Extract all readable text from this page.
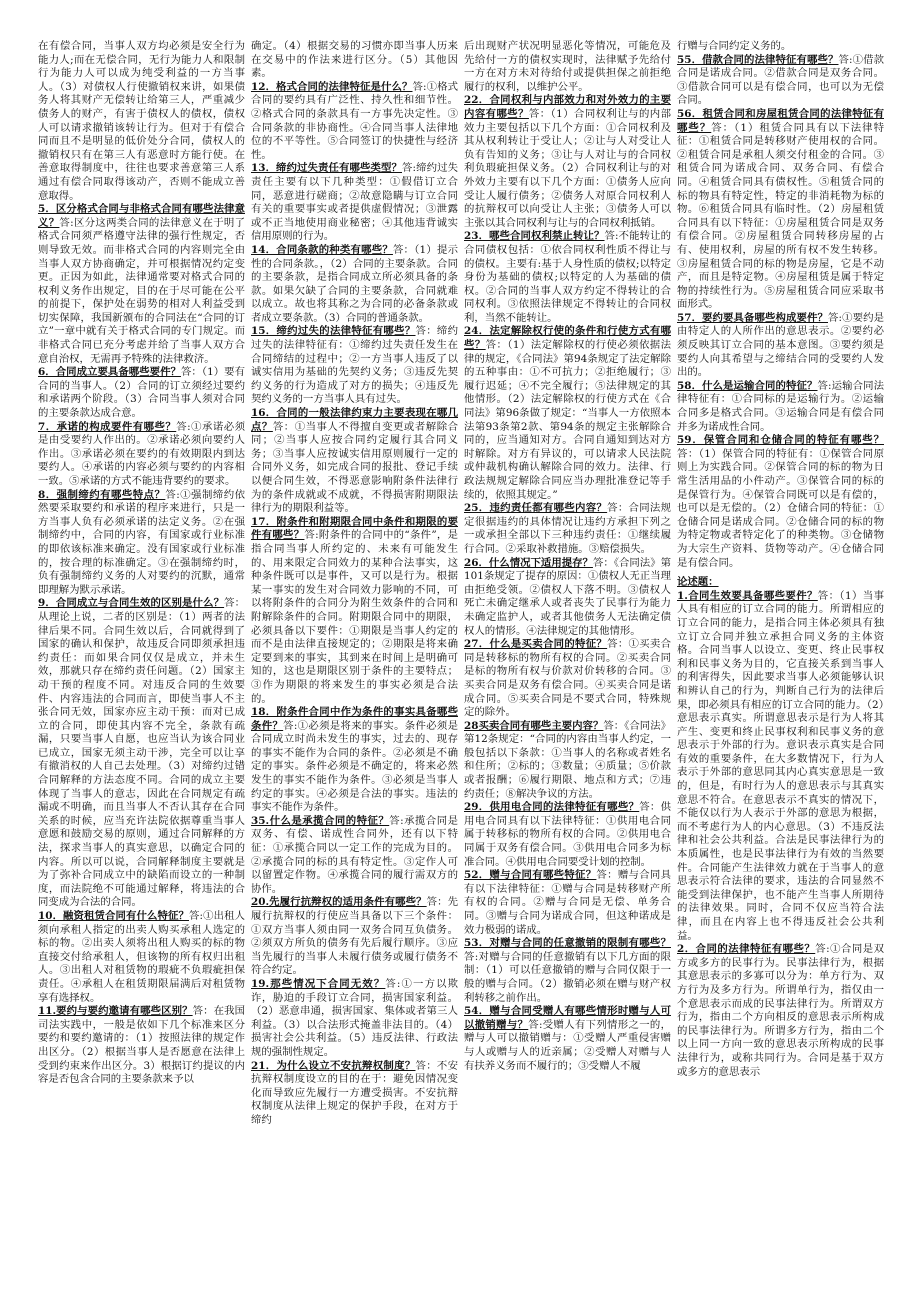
在有偿合同，当事人双方均必须是安全行为能力人;而在无偿合同，无行为能力人和限制行为能力人可以成为纯受利益的一方当事人。（3）对债权人行使撤销权来讲，如果债务人将其财产无偿转让给第三人，严重减少债务人的财产，有害于债权人的债权，债权人可以请求撤销该转让行为。但对于有偿合同而且不是明显的低价处分合同，债权人的撤销权只有在第三人有恶意时方能行使。在善意取得制度中，往往也要求善意第三人系通过有偿合同取得该动产，否则不能成立善意取得。

5．区分格式合同与非格式合同有哪些法律意义？答:区分这两类合同的法律意义在于明了格式合同须严格遵守法律的强行性规定，否则导致无效。而非格式合同的内容则完全由当事人双方协商确定，并可根据情况约定变更。正因为如此，法律通常要对格式合同的权利义务作出规定，目的在于尽可能在公平的前提下，保护处在弱势的相对人利益受到切实保障，我国新颁布的合同法在“合同的订立”一章中就有关于格式合同的专门规定。而非格式合同已充分考虑并给了当事人双方合意自治权，无需再予特殊的法律救济。

6．合同成立要具备哪些要件？答：（1）要有合同的当事人。（2）合同的订立须经过要约和承诺两个阶段。（3）合同当事人须对合同的主要条款达成合意。

7．承诺的构成要件有哪些？答:①承诺必须是由受要约人作出的。②承诺必须向要约人作出。③承诺必须在要约的有效期限内到达要约人。④承诺的内容必须与要约的内容相一致。⑤承诺的方式不能违背要约的要求。

8．强制缔约有哪些特点？答:①强制缔约依然要采取要约和承诺的程序来进行，只是一方当事人负有必须承诺的法定义务。②在强制缔约中，合同的内容，有国家或行业标准的即依该标准来确定。没有国家或行业标准的，按合理的标准确定。③在强制缔约时，负有强制缔约义务的人对要约的沉默，通常即理解为默示承诺。

9．合同成立与合同生效的区别是什么？答：从理论上说，二者的区别是：（1）两者的法律后果不同。合同生效以后，合同就得到了国家的确认和保护，故违反合同即须承担违约责任：而如果合同仅仅是成立，并未生效，那就只存在缔约责任问题。（2）国家主动干预的程度不同。对违反合同的生效要件、内容违法的合同而言，即使当事人不主张合同无效，国家亦应主动干预：而对已成立的合同，即使其内容不完全，条款有疏漏，只要当事人自愿，也应当认为该合同业已成立，国家无须主动干涉，完全可以让享有撤消权的人自己去处理。（3）对缔约过错合同解释的方法态度不同。合同的成立主要体现了当事人的意志，因此在合同规定有疏漏或不明确，而且当事人不否认其存在合同关系的时候，应当充许法院依据尊重当事人意愿和鼓励交易的原则，通过合同解释的方法，探求当事人的真实意思，以确定合同的内容。所以可以说，合同解释制度主要就是为了弥补合同成立中的缺陷而设立的一种制度，而法院绝不可能通过解释，将违法的合同变成为合法的合同。

10．融资租赁合同有什么特征？答:①出租人须向承租人指定的出卖人购买承租人选定的标的物。②出卖人须将出租人购买的标的物直接交付给承租人，但该物的所有权归出租人。③出租人对租赁物的瑕疵不负瑕疵担保责任。④承租人在租赁期限届满后对租赁物享有选择权。

11.要约与要约邀请有哪些区别？答：在我国司法实践中，一般是依如下几个标准来区分要约和要约邀请的：（1）按照法律的规定作出区分。（2）根据当事人是否愿意在法律上受到约束来作出区分。3）根据订约提议的内容是否包含合同的主要条款来予以

确定。（4）根据交易的习惯亦即当事人历来在交易中的作法来进行区分。（5）其他因素。

12．格式合同的法律特征是什么？答:①格式合同的要约具有广泛性、持久性和细节性。②格式合同的条款具有一方事先决定性。③合同条款的非协商性。④合同当事人法律地位的不平等性。⑤合同签订的快捷性与经济性。

13．缔约过失责任有哪些类型？答:缔约过失责任主要有以下几种类型：①假借订立合同，恶意进行磋商；②故意隐瞒与订立合同有关的重要事实或者提供虚假情况；③泄露或不正当地使用商业秘密；④其他违背诚实信用原则的行为。

14．合同条款的种类有哪些？答：（1）提示性的合同条款。，（2）合同的主要条款。合同的主要条款，是指合同成立所必须具备的条款。如果欠缺了合同的主要条款，合同就难以成立。故也将其称之为合同的必备条款或者成立要条款。（3）合同的普通条款。

15．缔约过失的法律特征有哪些？答：缔约过失的法律特征有：①缔约过失责任发生在合同缔结的过程中；②一方当事人违反了以诚实信用为基础的先契约义务；③违反先契约义务的行为造成了对方的损失；④违反先契约义务的一方当事人具有过失。

16．合同的一般法律约束力主要表现在哪几点？答：①当事人不得擅自变更或者解除合同；②当事人应按合同约定履行其合同义务；③当事人应按诚实信用原则履行一定的合同外义务，如完成合同的报批、登记手续以便合同生效，不得恶意影响附条件法律行为的条件成就或不成就，不得损害附期限法律行为的期限利益等。

17．附条件和附期限合同中条件和期限的要件有哪些？答:附条件的合同中的“条件”，是指合同当事人所约定的、未来有可能发生的、用来限定合同效力的某种合法事实，这种条件既可以是事件，又可以是行为。根据某一事实的发生对合同效力影响的不同，可以将附条件的合同分为附生效条件的合同和附解除条件的合同。附期限合同中的期限，必须具备以下要件：①期限是当事人约定的而不是由法律直接规定的；②期限是将来确定要到来的事实，其到来在时间上是明确可知的，这也是期限区别于条件的主要特点；③作为期限的将来发生的事实必须是合法的。

18．附条件合同中作为条件的事实具备哪些条件？答:①必须是将来的事实。条件必须是合同成立时尚未发生的事实，过去的、现存的事实不能作为合同的条件。②必须是不确定的事实。条件必须是不确定的，将来必然发生的事实不能作为条件。③必须是当事人约定的事实。④必须是合法的事实。违法的事实不能作为条件。

35.什么是承揽合同的特征？答:承揽合同是双务、有偿、诺成性合同外，还有以下特征：①承揽合同以一定工作的完成为目的。②承揽合同的标的具有特定性。③定作人可以留置定作物。④承揽合同的履行需双方的协作。

20.先履行抗辩权的适用条件有哪些？答：先履行抗辩权的行使应当具备以下三个条件：①双方当事人须由同一双务合同互负债务。②须双方所负的债务有先后履行顺序。③应当先履行的当事人未履行债务或履行债务不符合约定。

19.那些情况下合同无效？答:①一方以欺诈，胁迫的手段订立合同，损害国家利益。（2）恶意串通，损害国家、集体或者第三人利益。（3）以合法形式掩盖非法目的。（4）损害社会公共利益。（5）违反法律、行政法规的强制性规定。

21．为什么设立不安抗辩权制度？答：不安抗辩权制度设立的目的在于：避免因情况变化而导致应先履行一方遭受损害。不安抗辩权制度从法律上规定的保护手段，在对方于缔约

后出现财产状况明显恶化等情况，可能危及先给付一方的债权实现时，法律赋予先给付一方在对方未对待给付或提供担保之前拒绝履行的权利，以维护公平。

22．合同权利与内部效力和对外效力的主要内容有哪些？答：（1）合同权利让与的内部效力主要包括以下几个方面：①合同权利及其从权利转让于受让人；②让与人对受让人负有告知的义务；③让与人对让与的合同权利负瑕疵担保义务。（2）合同权利让与的对外效力主要有以下几个方面：①债务人应向受让人履行债务；②债务人对原合同权利人的抗辩权可以向受让人主张；③债务人可以主张以其合同权利与让与的合同权利抵销。

23．哪些合同权利禁止转让？答:不能转让的合同债权包括：①依合同权利性质不得让与的债权。主要有:基于人身性质的债权;以特定身份为基础的债权;以特定的人为基础的债权。②合同的当事人双方约定不得转让的合同权利。③依照法律规定不得转让的合同权利，当然不能转让。

24．法定解除权行使的条件和行使方式有哪些？答：（1）法定解除权的行使必须依据法律的规定，《合同法》第94条规定了法定解除的五种事由：①不可抗力；②拒绝履行；③履行迟延；④不完全履行；⑤法律规定的其他情形。（2）法定解除权的行使方式在《合同法》第96条做了规定：“当事人一方依照本法第93条第2款、第94条的规定主张解除合同的，应当通知对方。合同自通知到达对方时解除。对方有异议的，可以请求人民法院或仲裁机构确认解除合同的效力。法律、行政法规规定解除合同应当办理批准登记等手续的，依照其规定。”

25．违约责任都有哪些内容？答：合同法规定很据违约的具体情况让违约方承担下列之一或承担全部以下三种违约责任：①继续履行合同。②采取补救措施。③赔偿损失。

26．什么情况下适用提存？答：《合同法》第101条规定了提存的原因：①债权人无正当理由拒绝受领。②债权人下落不明。③债权人死亡未确定继承人或者丧失了民事行为能力未确定监护人，或者其他债务人无法确定债权人的情形。④法律规定的其他情形。

27．什么是买卖合同的特征？答：①买卖合同是转移标的物所有权的合同。②买卖合同是标的物所有权与价款对价转移的合同。③买卖合同是双务有偿合同。④买卖合同是诺成合同。⑤买卖合同是不要式合同，特殊规定的除外。

28买卖合同有哪些主要内容？答：《合同法》第12条规定：“合同的内容由当事人约定，一般包括以下条款：①当事人的名称或者姓名和住所；②标的；③数量；④质量；⑤价款或者报酬；⑥履行期限、地点和方式；⑦违约责任；⑧解决争议的方法。

29．供用电合同的法律特征有哪些？答：供用电合同具有以下法律特征：①供用电合同属于转移标的物所有权的合同。②供用电合同属于双务有偿合同。③供用电合同多为标准合同。④供用电合同要受计划的控制。

52．赠与合同有哪些特征？答：赠与合同具有以下法律特征：①赠与合同是转移财产所有权的合同。②赠与合同是无偿、单务合同。③赠与合同为诺成合同，但这种诺成是效力极弱的诺成。

53．对赠与合同的任意撤销的限制有哪些？答:对赠与合同的任意撤销有以下几方面的限制：（1）可以任意撤销的赠与合同仅限于一般的赠与合同。（2）撤销必须在赠与财产权利转移之前作出。

54．赠与合同受赠人有哪些情形时赠与人可以撤销赠与？答:受赠人有下列情形之一的，赠与人可以撤销赠与：①受赠人严重侵害赠与人或赠与人的近亲属；②受赠人对赠与人有扶养义务而不履行的；③受赠人不履

行赠与合同约定义务的。

55．借款合同的法律特征有哪些？答:①借款合同是诺成合同。②借款合同是双务合同。③借款合同可以是有偿合同，也可以为无偿合同。

56．租赁合同和房屋租赁合同的法律特征有哪些？答：（1）租赁合同具有以下法律特征：①租赁合同是转移财产使用权的合同。②租赁合同是承租人须交付租金的合同。③租赁合同为诺成合同、双务合同、有偿合同。④租赁合同具有债权性。⑤租赁合同的标的物具有特定性，特定的非消耗物为标的物。⑥租赁合同具有临时性。（2）房屋租赁合同具有以下特征：①房屋租赁合同是双务有偿合同。②房屋租赁合同转移房屋的占有、使用权利，房屋的所有权不发生转移。③房屋租赁合同的标的物是房屋，它是不动产，而且是特定物。④房屋租赁是属于特定物的持续性行为。⑤房屋租赁合同应采取书面形式。

57．要约要具备哪些构成要件？答:①要约是由特定人的人所作出的意思表示。②要约必须反映其订立合同的基本意图。③要约须是要约人向其希望与之缔结合同的受要约人发出的。

58．什么是运输合同的特征？答:运输合同法律特征有：①合同标的是运输行为。②运输合同多是格式合同。③运输合同是有偿合同并多为诺成性合同。

59．保管合同和仓储合同的特征有哪些？答：（1）保管合同的特征有：①保管合同原则上为实践合同。②保管合同的标的物为日常生活用品的小件动产。③保管合同的标的是保管行为。④保管合同既可以是有偿的，也可以是无偿的。（2）仓储合同的特征：①仓储合同是诺成合同。②仓储合同的标的物为特定物或者特定化了的种类物。③仓储物为大宗生产资料、货物等动产。④仓储合同是有偿合同。

论述题：

1.合同生效要具备哪些要件？答：（1）当事人具有相应的订立合同的能力。所谓相应的订立合同的能力，是指合同主体必须具有独立订立合同并独立承担合同义务的主体资格。合同当事人以设立、变更、终止民事权利和民事义务为目的，它直接关系到当事人的利害得失，因此要求当事人必须能够认识和辨认自己的行为，判断自己行为的法律后果，即必须具有相应的订立合同的能力。（2）意思表示真实。所谓意思表示是行为人将其产生、变更和终止民事权利和民事义务的意思表示于外部的行为。意识表示真实是合同有效的重要条件，在大多数情况下，行为人表示于外部的意思同其内心真实意思是一致的，但是，有时行为人的意思表示与其真实意思不符合。在意思表示不真实的情况下，不能仅以行为人表示于外部的意思为根据，而不考虑行为人的内心意思。（3）不违反法律和社会公共利益。合法是民事法律行为的本质属性，也是民事法律行为有效的当然要件。合同能产生法律效力就在于当事人的意思表示符合法律的要求，违法的合同显然不能受到法律保护，也不能产生当事人所期待的法律效果。同时，合同不仅应当符合法律，而且在内容上也不得违反社会公共利益。

2．合同的法律特征有哪些？答:①合同是双方或多方的民事行为。民事法律行为，根据其意思表示的多寡可以分为：单方行为、双方行为及多方行为。所谓单行为，指仅由一个意思表示而成的民事法律行为。所谓双方行为，指由二个方向相反的意思表示所构成的民事法律行为。所谓多方行为，指由二个以上同一方向一致的意思表示所构成的民事法律行为，或称共同行为。合同是基于双方或多方的意思表示
